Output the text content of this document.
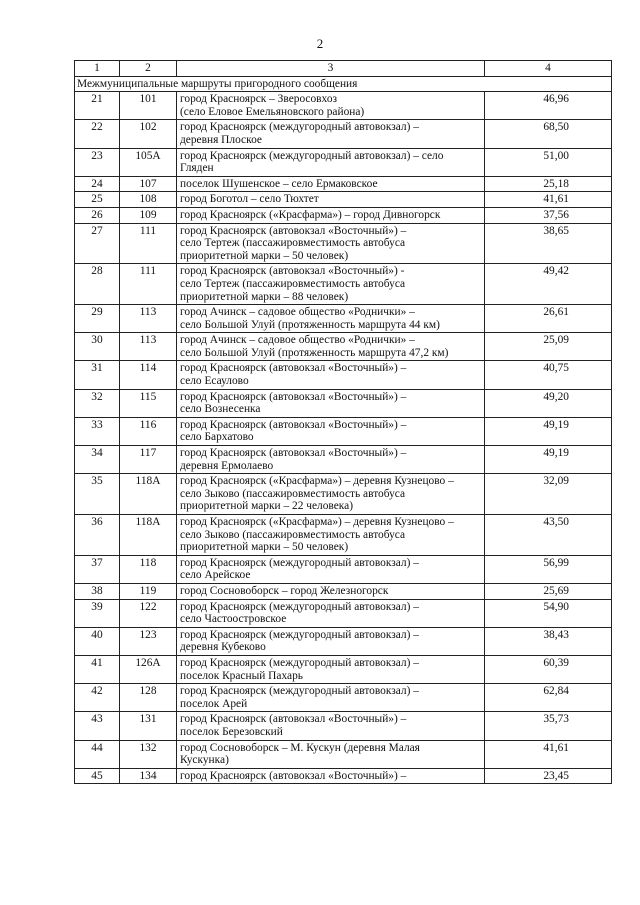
2
1	2	3	4
Межмуниципальные маршруты пригородного сообщения			
21	101	город Красноярск – Зверосовхоз
(село Еловое Емельяновского района)	46,96
22	102	город Красноярск (междугородный автовокзал) –
деревня Плоское	68,50
23	105А	город Красноярск (междугородный автовокзал) – село
Гляден	51,00
24	107	поселок Шушенское – село Ермаковское	25,18
25	108	город Боготол – село Тюхтет	41,61
26	109	город Красноярск («Красфарма») – город Дивногорск	37,56
27	111	город Красноярск (автовокзал «Восточный») –
село Тертеж (пассажировместимость автобуса
приоритетной марки – 50 человек)	38,65
28	111	город Красноярск (автовокзал «Восточный») -
село Тертеж (пассажировместимость автобуса
приоритетной марки – 88 человек)	49,42
29	113	город Ачинск – садовое общество «Роднички» –
село Большой Улуй (протяженность маршрута 44 км)	26,61
30	113	город Ачинск – садовое общество «Роднички» –
село Большой Улуй (протяженность маршрута 47,2 км)	25,09
31	114	город Красноярск (автовокзал «Восточный») –
село Есаулово	40,75
32	115	город Красноярск (автовокзал «Восточный») –
село Вознесенка	49,20
33	116	город Красноярск (автовокзал «Восточный») –
село Бархатово	49,19
34	117	город Красноярск (автовокзал «Восточный») –
деревня Ермолаево	49,19
35	118А	город Красноярск («Красфарма») – деревня Кузнецово –
село Зыково (пассажировместимость автобуса
приоритетной марки – 22 человека)	32,09
36	118А	город Красноярск («Красфарма») – деревня Кузнецово –
село Зыково (пассажировместимость автобуса
приоритетной марки – 50 человек)	43,50
37	118	город Красноярск (междугородный автовокзал) –
село Арейское	56,99
38	119	город Сосновоборск – город Железногорск	25,69
39	122	город Красноярск (междугородный автовокзал) –
село Частоостровское	54,90
40	123	город Красноярск (междугородный автовокзал) –
деревня Кубеково	38,43
41	126А	город Красноярск (междугородный автовокзал) –
поселок Красный Пахарь	60,39
42	128	город Красноярск (междугородный автовокзал) –
поселок Арей	62,84
43	131	город Красноярск (автовокзал «Восточный») –
поселок Березовский	35,73
44	132	город Сосновоборск – М. Кускун (деревня Малая
Кускунка)	41,61
45	134	город Красноярск (автовокзал «Восточный») –	23,45
